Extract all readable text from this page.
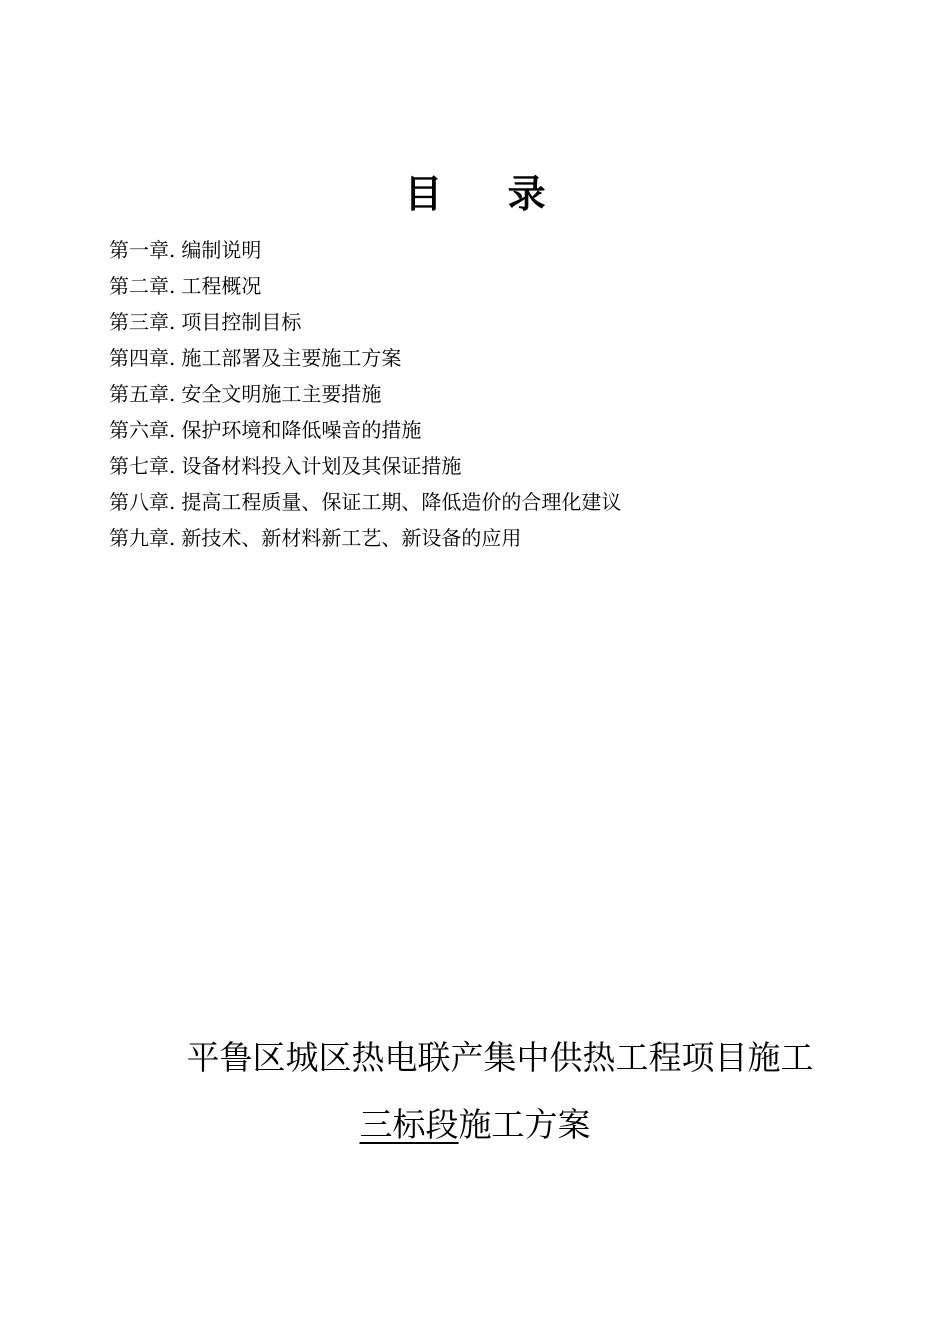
目 录
第一章. 编制说明
第二章. 工程概况
第三章. 项目控制目标
第四章. 施工部署及主要施工方案
第五章. 安全文明施工主要措施
第六章. 保护环境和降低噪音的措施
第七章. 设备材料投入计划及其保证措施
第八章. 提高工程质量、保证工期、降低造价的合理化建议
第九章. 新技术、新材料新工艺、新设备的应用
平鲁区城区热电联产集中供热工程项目施工
三标段施工方案
